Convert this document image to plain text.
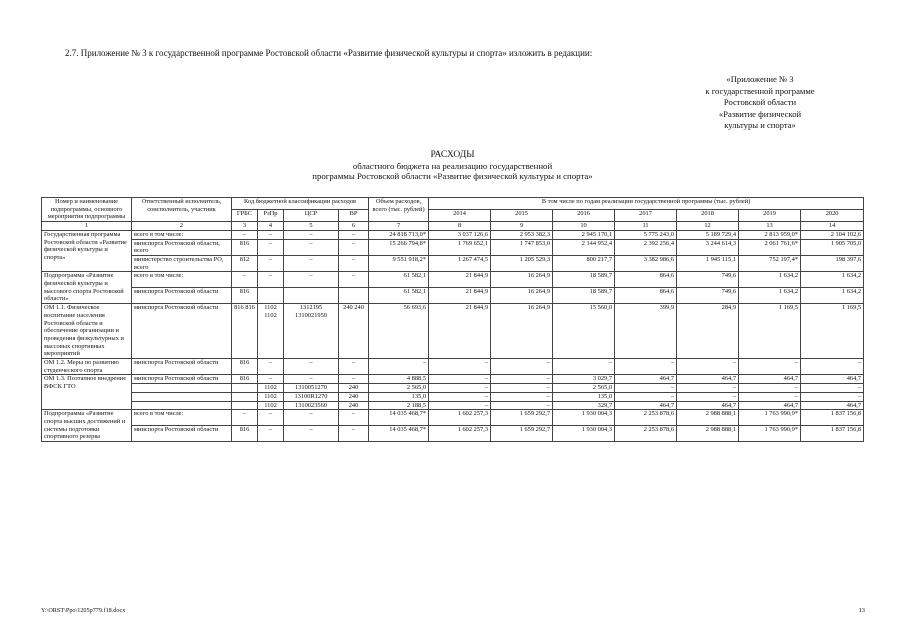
2.7. Приложение № 3 к государственной программе Ростовской области «Развитие физической культуры и спорта» изложить в редакции:
«Приложение № 3
к государственной программе
Ростовской области
«Развитие физической
культуры и спорта»
РАСХОДЫ
областного бюджета на реализацию государственной
программы Ростовской области «Развитие физической культуры и спорта»
Номер и наименование подпрограммы, основного мероприятия подпрограммы	Ответственный исполнитель, соисполнитель, участник	Код бюджетной классификации расходов				Объем расходов, всего (тыс. рублей)	В том числе по годам реализации государственной программы (тыс. рублей)						
		ГРБС	РзПр	ЦСР	ВР		2014	2015	2016	2017	2018	2019	2020
1	2	3	4	5	6	7	8	9	10	11	12	13	14
Государственная программа Ростовской области «Развитие физической культуры и спорта»	всего в том числе:	–	–	–	–	24 818 713,0*	3 037 126,6	2 953 382,3	2 945 170,1	5 775 243,0	5 189 729,4	2 813 959,0*	2 104 102,6
	минспорта Ростовской области, всего	816	–	–	–	15 266 794,8*	1 769 652,1	1 747 853,0	2 144 952,4	2 392 256,4	3 244 614,3	2 061 761,6*	1 905 705,0
	министерство строительства РО, всего	812	–	–	–	9 551 918,2*	1 267 474,5	1 205 529,3	800 217,7	3 382 986,6	1 945 115,1	752 197,4*	198 397,6
Подпрограмма «Развитие физической культуры и массового спорта Ростовской области»	всего в том числе:	–	–	–	–	61 582,1	21 844,9	16 264,9	18 589,7	864,6	749,6	1 634,2	1 634,2
	минспорта Ростовской области	816				61 582,1	21 844,9	16 264,9	18 589,7	864,6	749,6	1 634,2	1 634,2
ОМ 1.1. Физическое воспитание населения Ростовской области и обеспечение организации и проведения физкультурных и массовых спортивных мероприятий	минспорта Ростовской области	816 816	1102 1102	1312195 1310021950	240 240	56 693,6	21 844,9	16 264,9	15 560,0	399,9	284,9	1 169,5	1 169,5
ОМ 1.2. Меры по развитию студенческого спорта	минспорта Ростовской области	816	–	–	–	–	–	–	–	–	–	–	–
ОМ 1.3. Поэтапное внедрение ВФСК ГТО	минспорта Ростовской области	816	–	–	–	4 888,5	–	–	3 029,7	464,7	464,7	464,7	464,7
			1102	1310051270	240	2 565,0	–	–	2 565,0	–	–	–	–
			1102	13100R1270	240	135,0	–	–	135,0	–	–	–	–
			1102	1310023560	240	2 188,5	–	–	329,7	464,7	464,7	464,7	464,7
Подпрограмма «Развитие спорта высших достижений и системы подготовки спортивного резерва	всего в том числе:	–	–	–	–	14 035 468,7*	1 602 257,3	1 659 292,7	1 930 004,3	2 253 878,6	2 988 888,1	1 763 990,9*	1 837 156,8
	минспорта Ростовской области	816	–	–	–	14 035 468,7*	1 602 257,3	1 659 292,7	1 930 004,3	2 253 878,6	2 988 888,1	1 763 990,9*	1 837 156,8
Y:\ORST\Ppo\1205p779.f18.docx	13
